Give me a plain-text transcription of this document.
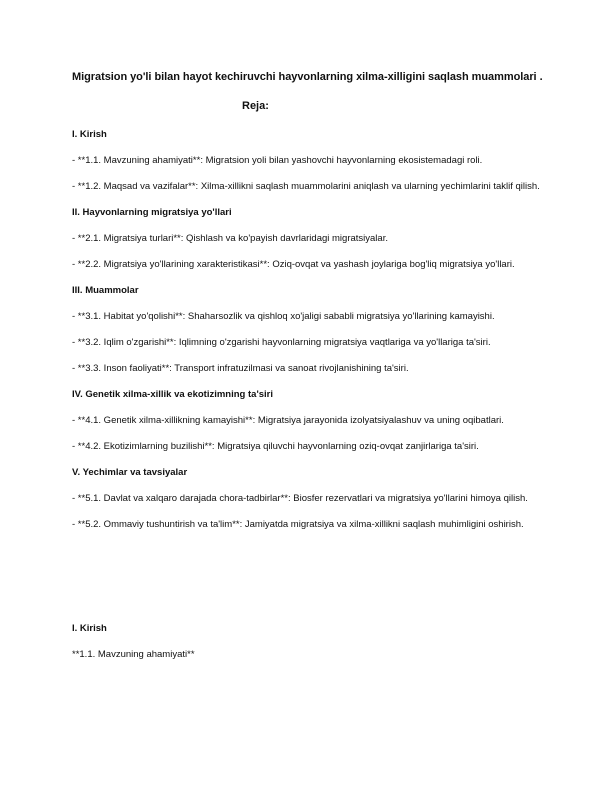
Migratsion yo'li bilan hayot kechiruvchi hayvonlarning xilma-xilligini saqlash muammolari .
Reja:
I. Kirish
- **1.1. Mavzuning ahamiyati**: Migratsion yoli bilan yashovchi hayvonlarning ekosistemadagi roli.
- **1.2. Maqsad va vazifalar**: Xilma-xillikni saqlash muammolarini aniqlash va ularning yechimlarini taklif qilish.
II. Hayvonlarning migratsiya yo'llari
- **2.1. Migratsiya turlari**: Qishlash va ko'payish davrlaridagi migratsiyalar.
- **2.2. Migratsiya yo'llarining xarakteristikasi**: Oziq-ovqat va yashash joylariga bog'liq migratsiya yo'llari.
III. Muammolar
- **3.1. Habitat yo'qolishi**: Shaharsozlik va qishloq xo'jaligi sababli migratsiya yo'llarining kamayishi.
- **3.2. Iqlim o'zgarishi**: Iqlimning o'zgarishi hayvonlarning migratsiya vaqtlariga va yo'llariga ta'siri.
- **3.3. Inson faoliyati**: Transport infratuzilmasi va sanoat rivojlanishining ta'siri.
IV. Genetik xilma-xillik va ekotizimning ta'siri
- **4.1. Genetik xilma-xillikning kamayishi**: Migratsiya jarayonida izolyatsiyalashuv va uning oqibatlari.
- **4.2. Ekotizimlarning buzilishi**: Migratsiya qiluvchi hayvonlarning oziq-ovqat zanjirlariga ta'siri.
V. Yechimlar va tavsiyalar
- **5.1. Davlat va xalqaro darajada chora-tadbirlar**: Biosfer rezervatlari va migratsiya yo'llarini himoya qilish.
- **5.2. Ommaviy tushuntirish va ta'lim**: Jamiyatda migratsiya va xilma-xillikni saqlash muhimligini oshirish.
I. Kirish
**1.1. Mavzuning ahamiyati**
